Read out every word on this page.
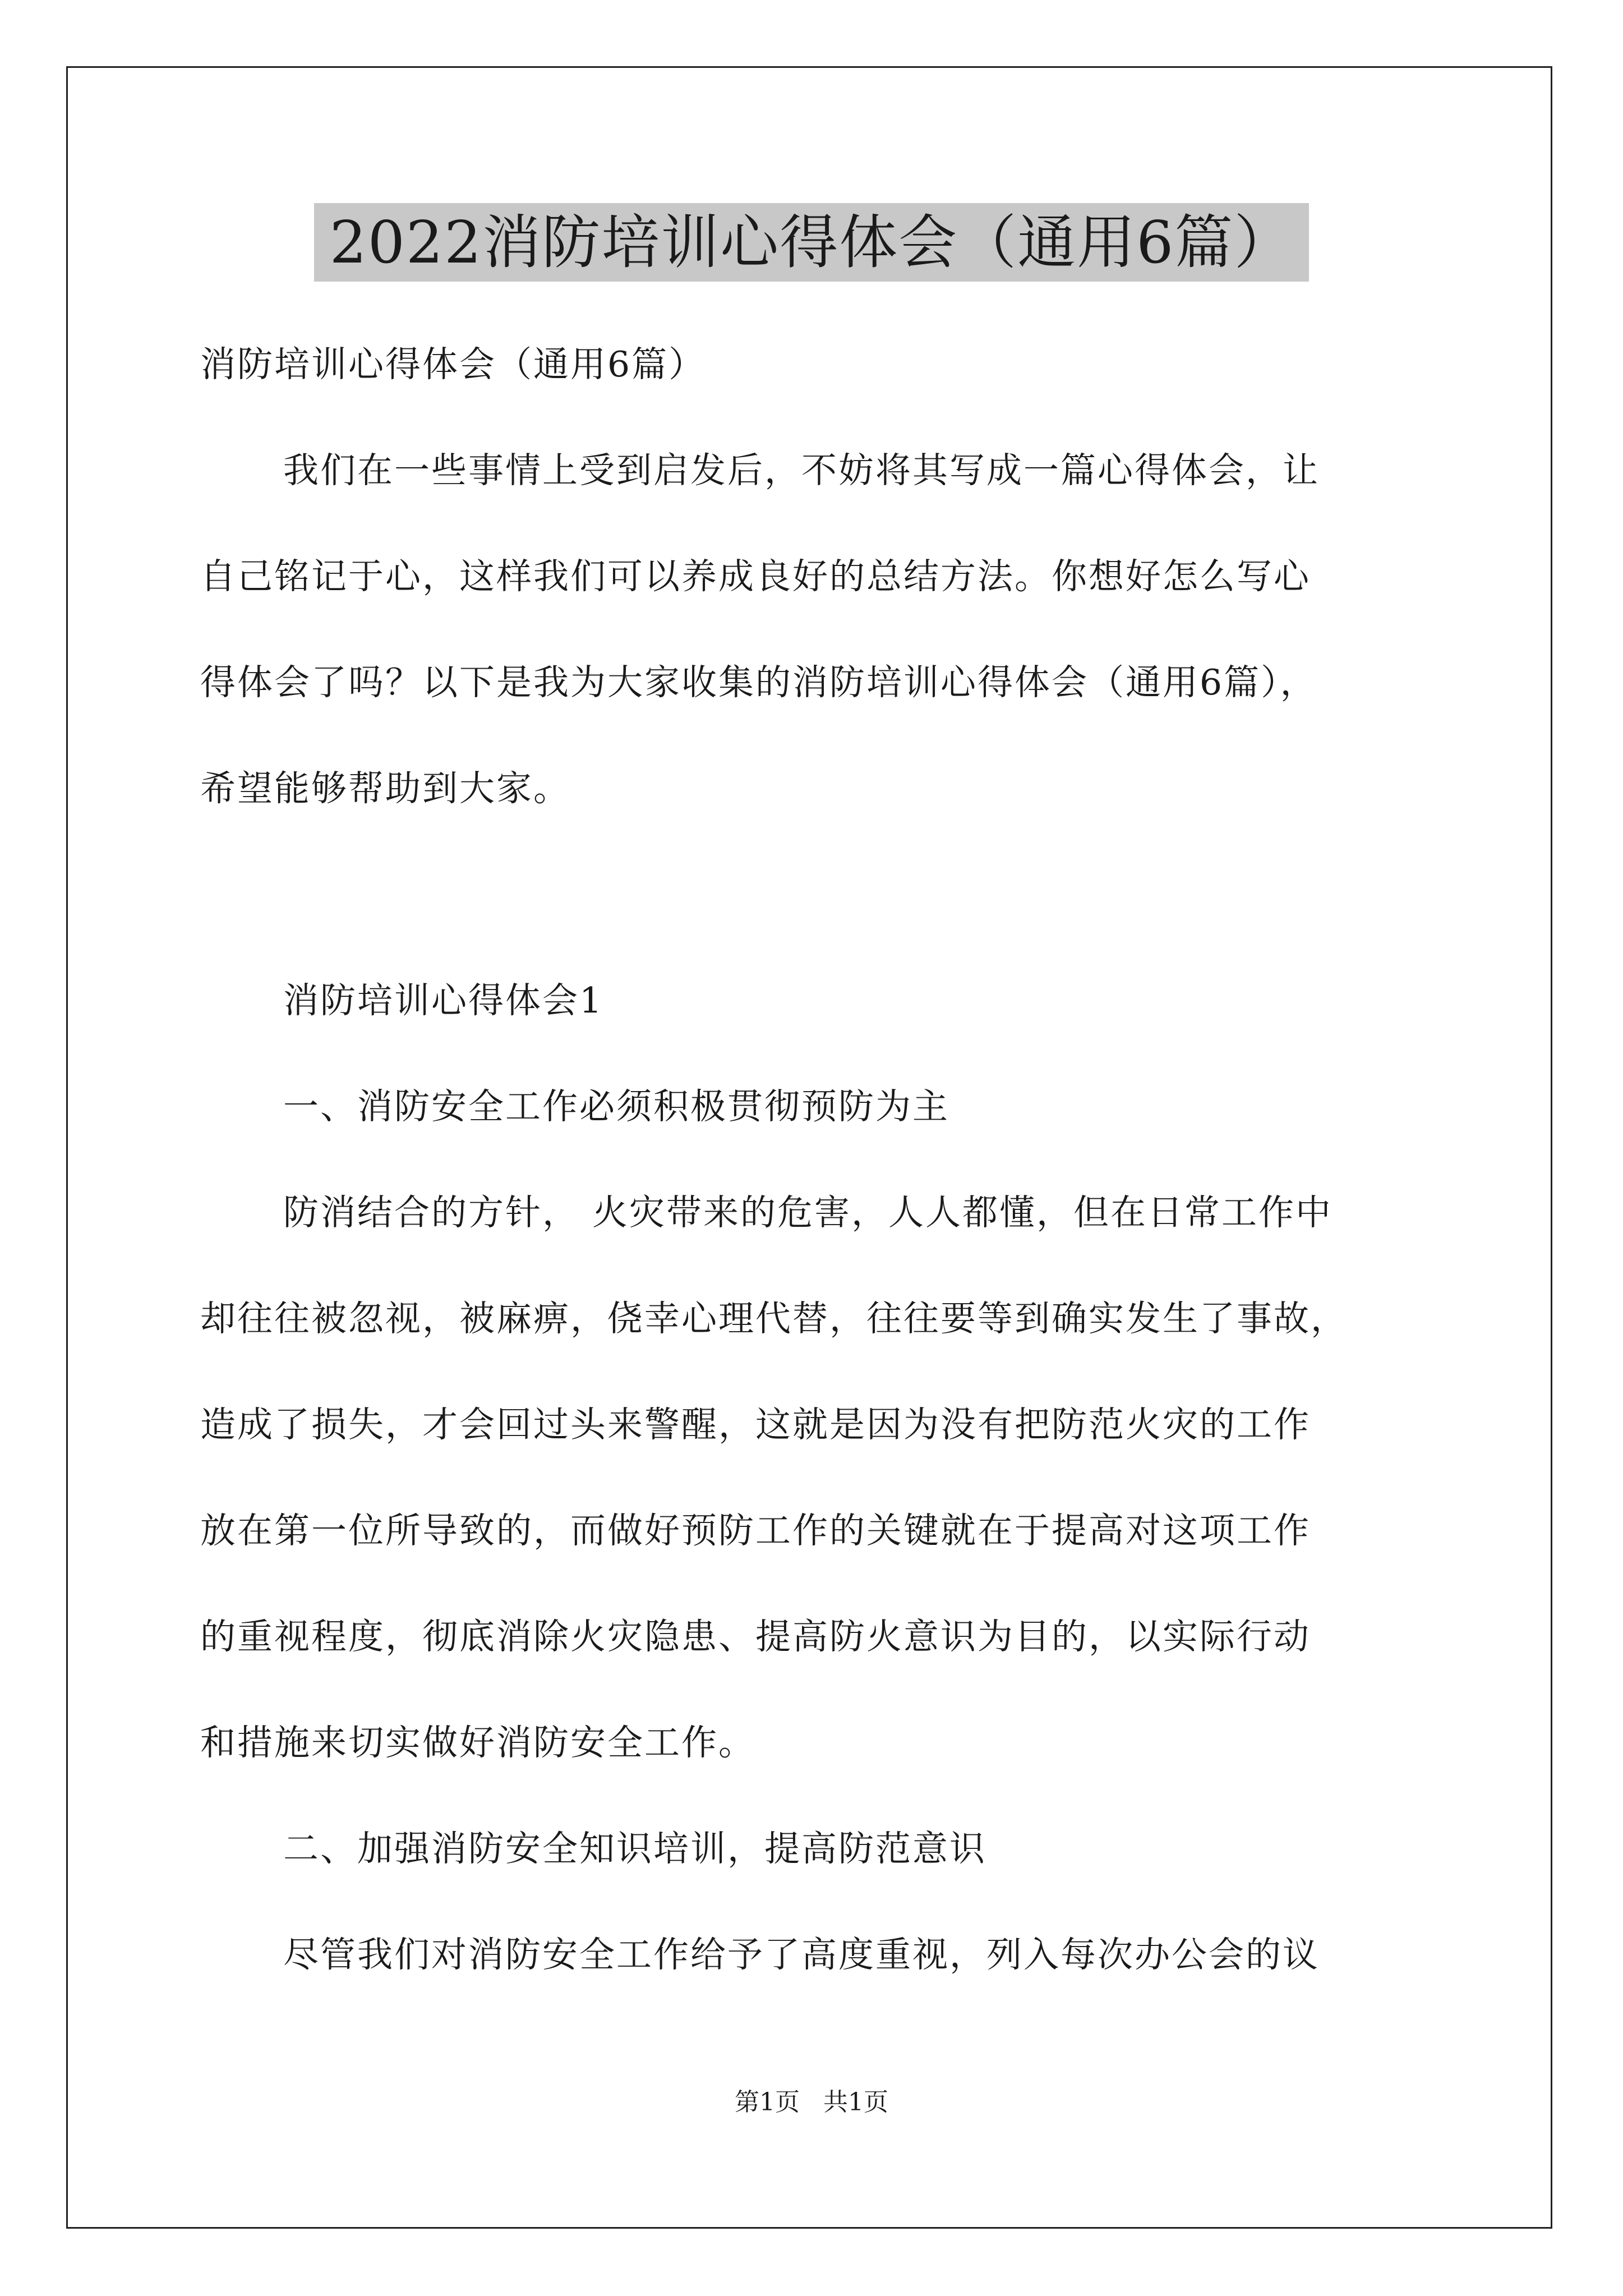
2022消防培训心得体会（通用6篇）
消防培训心得体会（通用6篇）
我们在一些事情上受到启发后，不妨将其写成一篇心得体会，让
自己铭记于心，这样我们可以养成良好的总结方法。你想好怎么写心
得体会了吗？以下是我为大家收集的消防培训心得体会（通用6篇），
希望能够帮助到大家。
消防培训心得体会1
一、消防安全工作必须积极贯彻预防为主
防消结合的方针， 火灾带来的危害，人人都懂，但在日常工作中
却往往被忽视，被麻痹，侥幸心理代替，往往要等到确实发生了事故，
造成了损失，才会回过头来警醒，这就是因为没有把防范火灾的工作
放在第一位所导致的，而做好预防工作的关键就在于提高对这项工作
的重视程度，彻底消除火灾隐患、提高防火意识为目的，以实际行动
和措施来切实做好消防安全工作。
二、加强消防安全知识培训，提高防范意识
尽管我们对消防安全工作给予了高度重视，列入每次办公会的议
第1页   共1页
